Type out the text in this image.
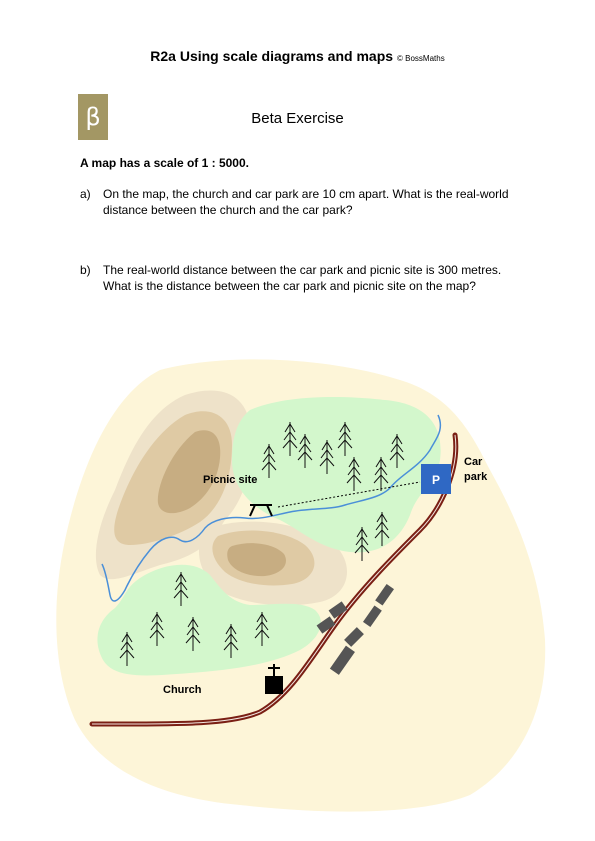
R2a Using scale diagrams and maps © BossMaths
β	Beta Exercise
A map has a scale of 1 : 5000.
a) On the map, the church and car park are 10 cm apart. What is the real-world distance between the church and the car park?
b) The real-world distance between the car park and picnic site is 300 metres. What is the distance between the car park and picnic site on the map?
Picnic site	P
Car
park
Church
